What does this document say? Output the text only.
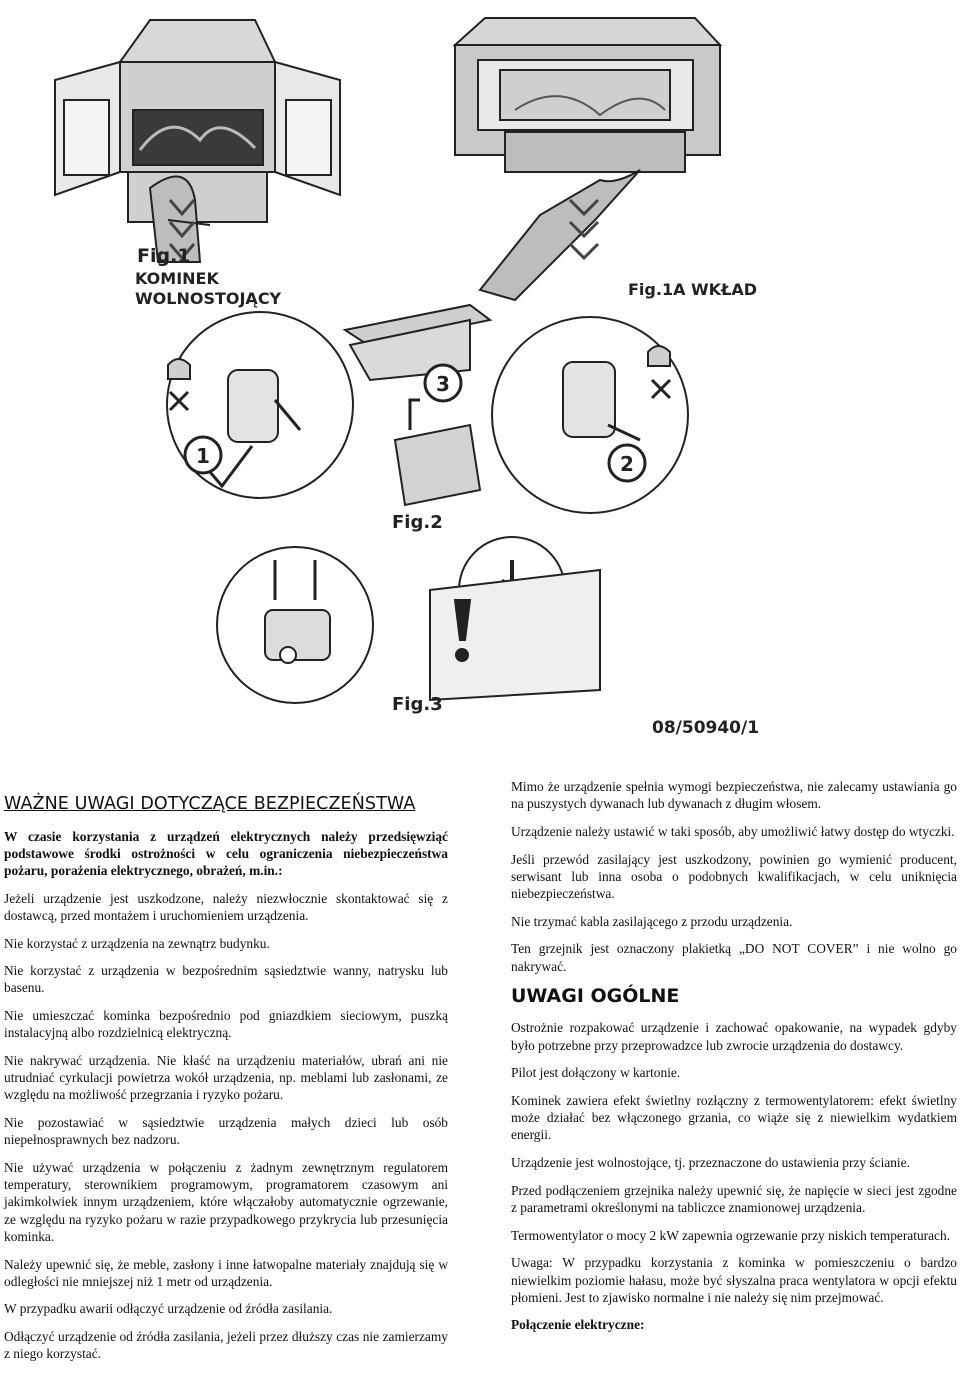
Fig.1
KOMINEK
WOLNOSTOJĄCY	Fig.1A WKŁAD
1	2
3
Fig.2
Fig.3
08/50940/1
WAŻNE UWAGI DOTYCZĄCE BEZPIECZEŃSTWA

W czasie korzystania z urządzeń elektrycznych należy przedsięwziąć podstawowe środki ostrożności w celu ograniczenia niebezpieczeństwa pożaru, porażenia elektrycznego, obrażeń, m.in.:

Jeżeli urządzenie jest uszkodzone, należy niezwłocznie skontaktować się z dostawcą, przed montażem i uruchomieniem urządzenia.

Nie korzystać z urządzenia na zewnątrz budynku.

Nie korzystać z urządzenia w bezpośrednim sąsiedztwie wanny, natrysku lub basenu.

Nie umieszczać kominka bezpośrednio pod gniazdkiem sieciowym, puszką instalacyjną albo rozdzielnicą elektryczną.

Nie nakrywać urządzenia. Nie kłaść na urządzeniu materiałów, ubrań ani nie utrudniać cyrkulacji powietrza wokół urządzenia, np. meblami lub zasłonami, ze względu na możliwość przegrzania i ryzyko pożaru.

Nie pozostawiać w sąsiedztwie urządzenia małych dzieci lub osób niepełnosprawnych bez nadzoru.

Nie używać urządzenia w połączeniu z żadnym zewnętrznym regulatorem temperatury, sterownikiem programowym, programatorem czasowym ani jakimkolwiek innym urządzeniem, które włączałoby automatycznie ogrzewanie, ze względu na ryzyko pożaru w razie przypadkowego przykrycia lub przesunięcia kominka.

Należy upewnić się, że meble, zasłony i inne łatwopalne materiały znajdują się w odległości nie mniejszej niż 1 metr od urządzenia.

W przypadku awarii odłączyć urządzenie od źródła zasilania.

Odłączyć urządzenie od źródła zasilania, jeżeli przez dłuższy czas nie zamierzamy z niego korzystać.

Mimo że urządzenie spełnia wymogi bezpieczeństwa, nie zalecamy ustawiania go na puszystych dywanach lub dywanach z długim włosem.

Urządzenie należy ustawić w taki sposób, aby umożliwić łatwy dostęp do wtyczki.

Jeśli przewód zasilający jest uszkodzony, powinien go wymienić producent, serwisant lub inna osoba o podobnych kwalifikacjach, w celu uniknięcia niebezpieczeństwa.

Nie trzymać kabla zasilającego z przodu urządzenia.

Ten grzejnik jest oznaczony plakietką „DO NOT COVER” i nie wolno go nakrywać.

UWAGI OGÓLNE

Ostrożnie rozpakować urządzenie i zachować opakowanie, na wypadek gdyby było potrzebne przy przeprowadzce lub zwrocie urządzenia do dostawcy.

Pilot jest dołączony w kartonie.

Kominek zawiera efekt świetlny rozłączny z termowentylatorem: efekt świetlny może działać bez włączonego grzania, co wiąże się z niewielkim wydatkiem energii.

Urządzenie jest wolnostojące, tj. przeznaczone do ustawienia przy ścianie.

Przed podłączeniem grzejnika należy upewnić się, że napięcie w sieci jest zgodne z parametrami określonymi na tabliczce znamionowej urządzenia.

Termowentylator o mocy 2 kW zapewnia ogrzewanie przy niskich temperaturach.

Uwaga: W przypadku korzystania z kominka w pomieszczeniu o bardzo niewielkim poziomie hałasu, może być słyszalna praca wentylatora w opcji efektu płomieni. Jest to zjawisko normalne i nie należy się nim przejmować.

Połączenie elektryczne:
